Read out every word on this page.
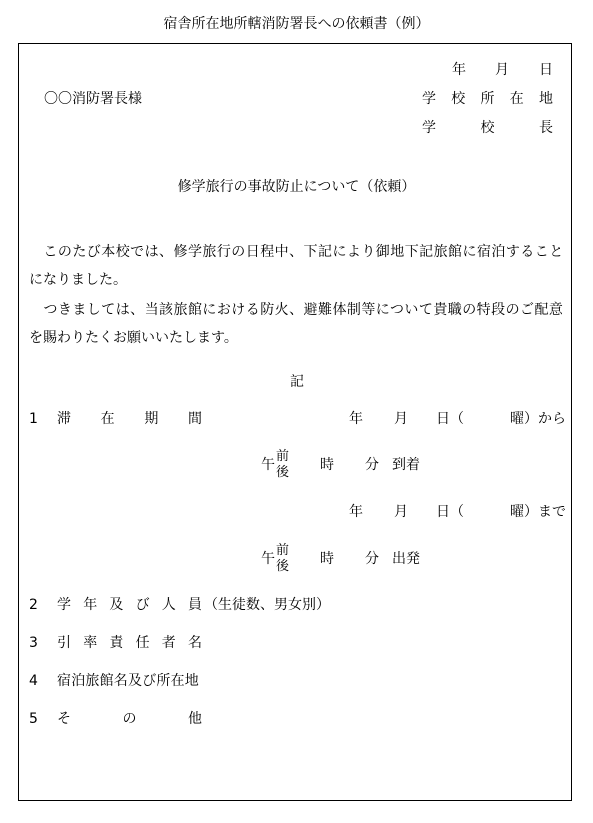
宿舎所在地所轄消防署長への依頼書（例）
年 月 日
〇〇消防署長様	学 校 所 在 地
学	校	長
修学旅行の事故防止について（依頼）
　このたび本校では、修学旅行の日程中、下記により御地下記旅館に宿泊すること
になりました。
　つきましては、当該旅館における防火、避難体制等について貴職の特段のご配意
を賜わりたくお願いいたします。
記
1 滞 在 期 間	年 月 日（	曜）から
午
前
後 時 分 到着
年 月 日（	曜）まで
午
前
後 時 分 出発
2 学 年 及 び 人 員 （生徒数、男女別）
3 引 率 責 任 者 名
4 宿泊旅館名及び所在地
5 そ	の	他
